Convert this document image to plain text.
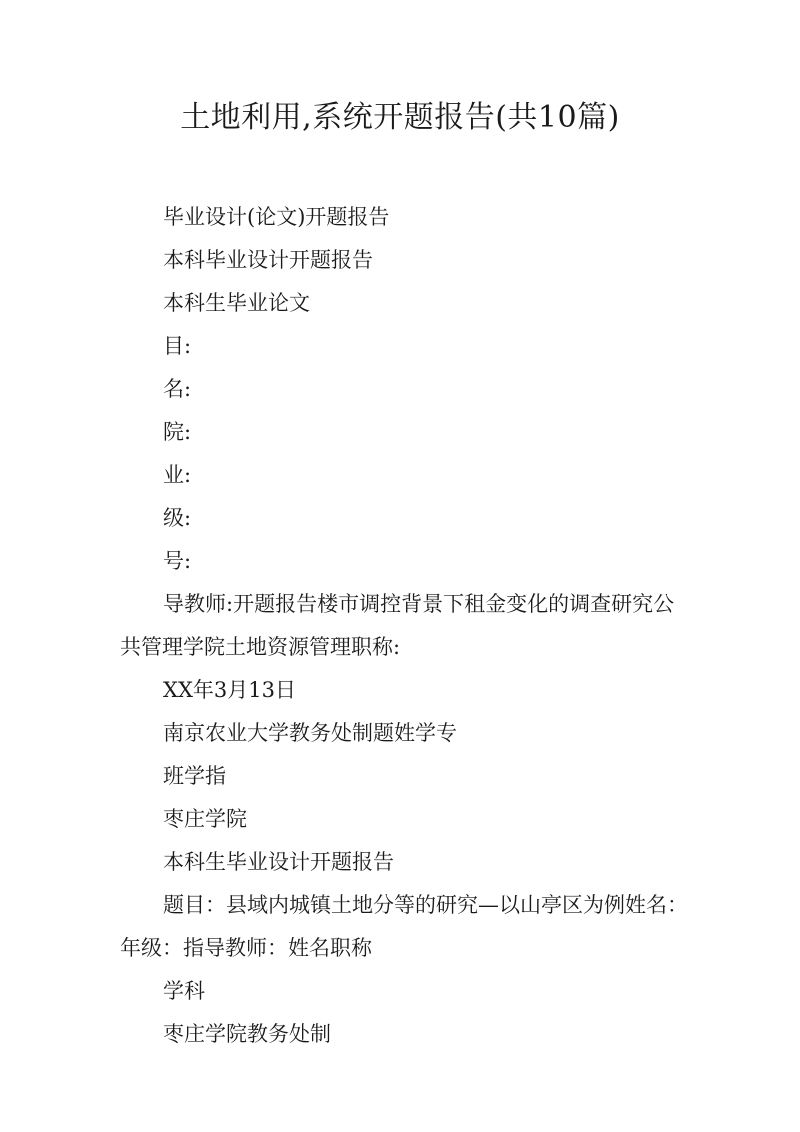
土地利用,系统开题报告(共10篇)

毕业设计(论文)开题报告

本科毕业设计开题报告

本科生毕业论文

目:

名:

院:

业:

级:

号:

导教师:开题报告楼市调控背景下租金变化的调查研究公共管理学院土地资源管理职称:

XX年3月13日

南京农业大学教务处制题姓学专

班学指

枣庄学院

本科生毕业设计开题报告

题目：县域内城镇土地分等的研究—以山亭区为例姓名：年级：指导教师：姓名职称

学科

枣庄学院教务处制
